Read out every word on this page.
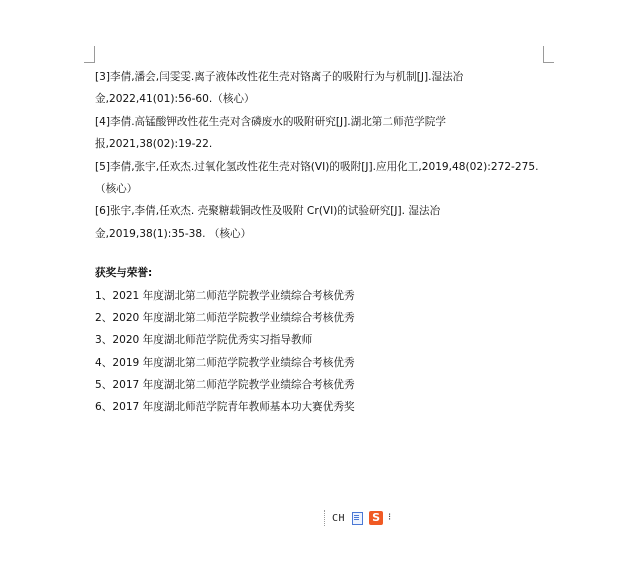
[3]李倩,潘会,闫雯雯.离子液体改性花生壳对铬离子的吸附行为与机制[J].湿法冶
金,2022,41(01):56-60.（核心）
[4]李倩.高锰酸钾改性花生壳对含磷废水的吸附研究[J].湖北第二师范学院学
报,2021,38(02):19-22.
[5]李倩,张宇,任欢杰.过氧化氢改性花生壳对铬(VI)的吸附[J].应用化工,2019,48(02):272-275.
（核心）
[6]张宇,李倩,任欢杰. 壳聚糖载铜改性及吸附 Cr(VI)的试验研究[J]. 湿法冶
金,2019,38(1):35-38. （核心）
获奖与荣誉:
1、2021 年度湖北第二师范学院教学业绩综合考核优秀
2、2020 年度湖北第二师范学院教学业绩综合考核优秀
3、2020 年度湖北师范学院优秀实习指导教师
4、2019 年度湖北第二师范学院教学业绩综合考核优秀
5、2017 年度湖北第二师范学院教学业绩综合考核优秀
6、2017 年度湖北师范学院青年教师基本功大赛优秀奖
CH S ⁝
